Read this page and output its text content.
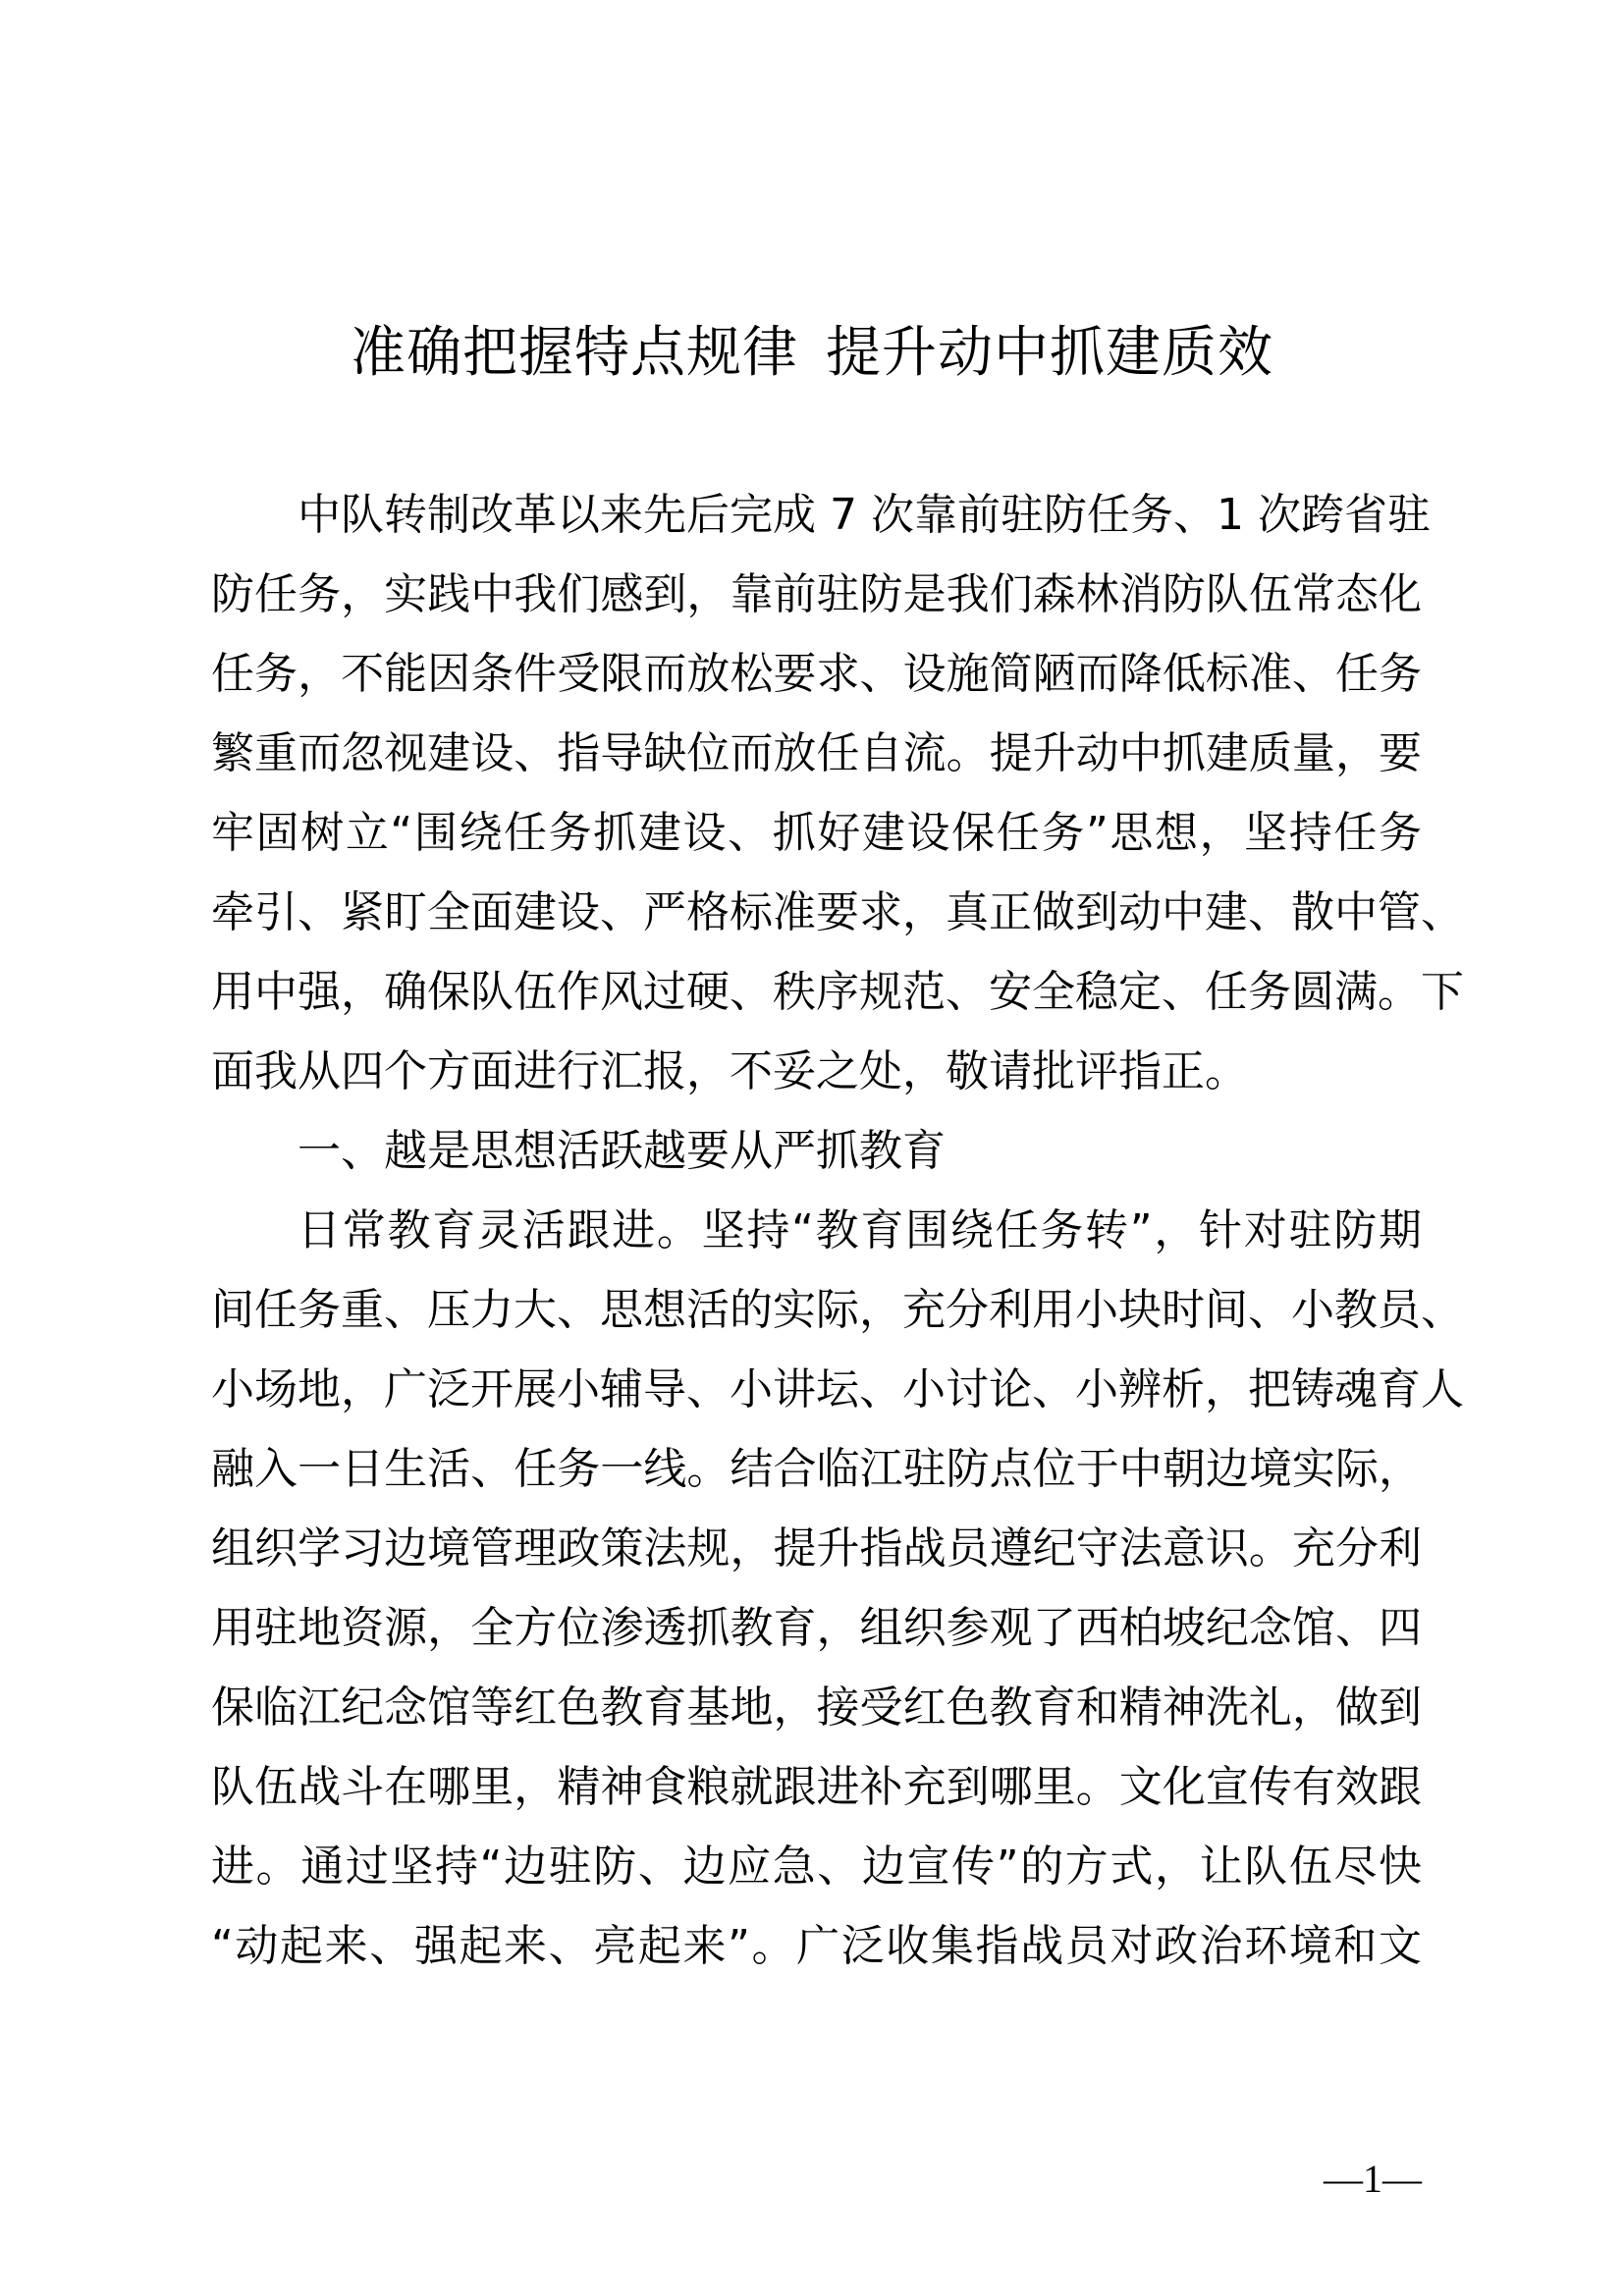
准确把握特点规律 提升动中抓建质效
中队转制改革以来先后完成 7 次靠前驻防任务、1 次跨省驻
防任务，实践中我们感到，靠前驻防是我们森林消防队伍常态化
任务，不能因条件受限而放松要求、设施简陋而降低标准、任务
繁重而忽视建设、指导缺位而放任自流。提升动中抓建质量，要
牢固树立“围绕任务抓建设、抓好建设保任务”思想，坚持任务
牵引、紧盯全面建设、严格标准要求，真正做到动中建、散中管、
用中强，确保队伍作风过硬、秩序规范、安全稳定、任务圆满。下
面我从四个方面进行汇报，不妥之处，敬请批评指正。
一、越是思想活跃越要从严抓教育
日常教育灵活跟进。坚持“教育围绕任务转”，针对驻防期
间任务重、压力大、思想活的实际，充分利用小块时间、小教员、
小场地，广泛开展小辅导、小讲坛、小讨论、小辨析，把铸魂育人
融入一日生活、任务一线。结合临江驻防点位于中朝边境实际，
组织学习边境管理政策法规，提升指战员遵纪守法意识。充分利
用驻地资源，全方位渗透抓教育，组织参观了西柏坡纪念馆、四
保临江纪念馆等红色教育基地，接受红色教育和精神洗礼，做到
队伍战斗在哪里，精神食粮就跟进补充到哪里。文化宣传有效跟
进。通过坚持“边驻防、边应急、边宣传”的方式，让队伍尽快
“动起来、强起来、亮起来”。广泛收集指战员对政治环境和文
—1—
